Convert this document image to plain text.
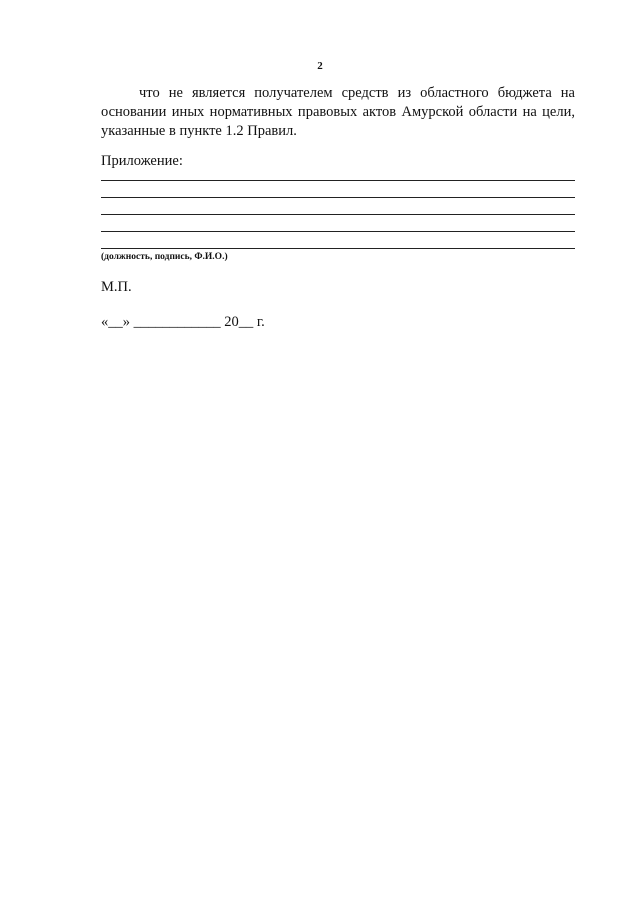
2

что не является получателем средств из областного бюджета на основании иных нормативных правовых актов Амурской области на цели, указанные в пункте 1.2 Правил.

Приложение:
(должность, подпись, Ф.И.О.)
М.П.
«__» ____________ 20__ г.
